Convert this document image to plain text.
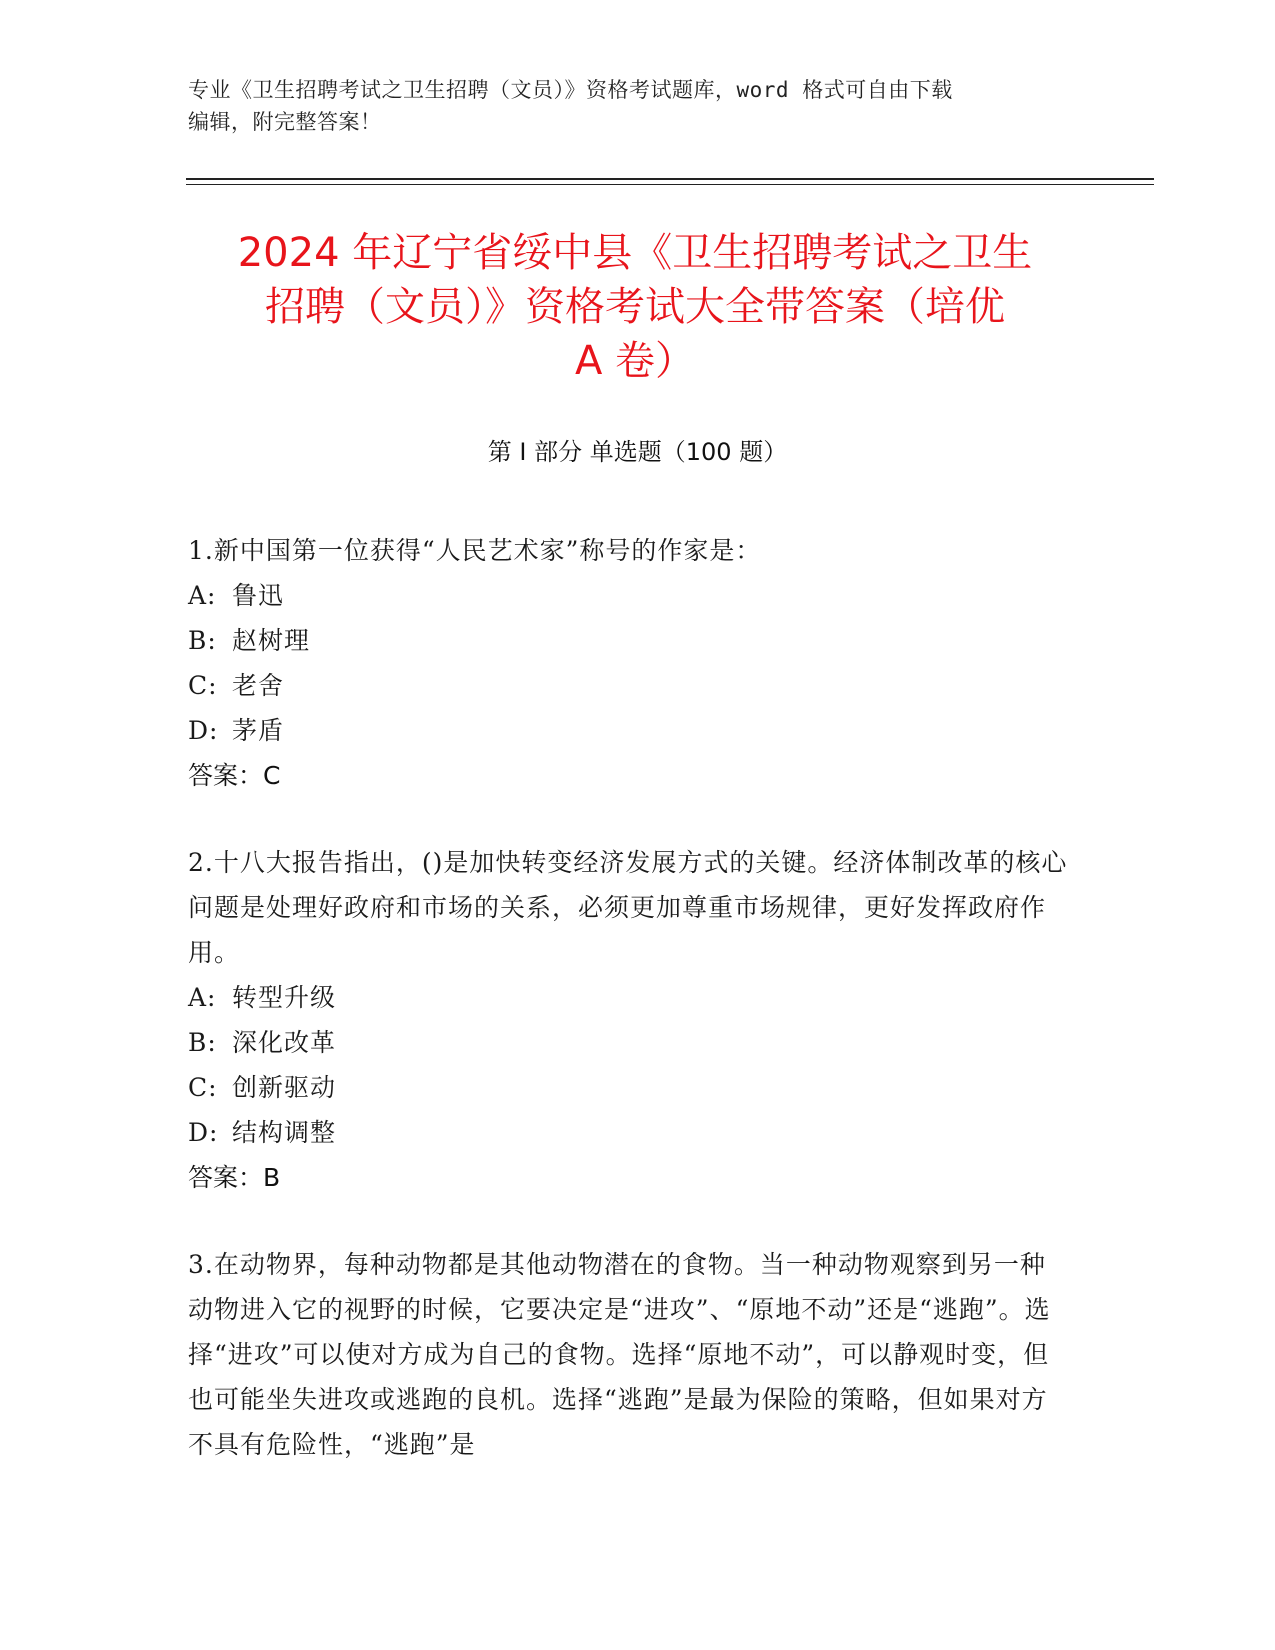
专业《卫生招聘考试之卫生招聘（文员）》资格考试题库，word 格式可自由下载
编辑，附完整答案！
2024 年辽宁省绥中县《卫生招聘考试之卫生
招聘（文员）》资格考试大全带答案（培优
A 卷）
第 I 部分 单选题（100 题）

1.新中国第一位获得“人民艺术家”称号的作家是：

A: 鲁迅

B: 赵树理

C: 老舍

D: 茅盾

答案：C

2.十八大报告指出，()是加快转变经济发展方式的关键。经济体制改革的核心问题是处理好政府和市场的关系，必须更加尊重市场规律，更好发挥政府作用。

A: 转型升级

B: 深化改革

C: 创新驱动

D: 结构调整

答案：B

3.在动物界，每种动物都是其他动物潜在的食物。当一种动物观察到另一种动物进入它的视野的时候，它要决定是“进攻”、“原地不动”还是“逃跑”。选择“进攻”可以使对方成为自己的食物。选择“原地不动”，可以静观时变，但也可能坐失进攻或逃跑的良机。选择“逃跑”是最为保险的策略，但如果对方不具有危险性，“逃跑”是
